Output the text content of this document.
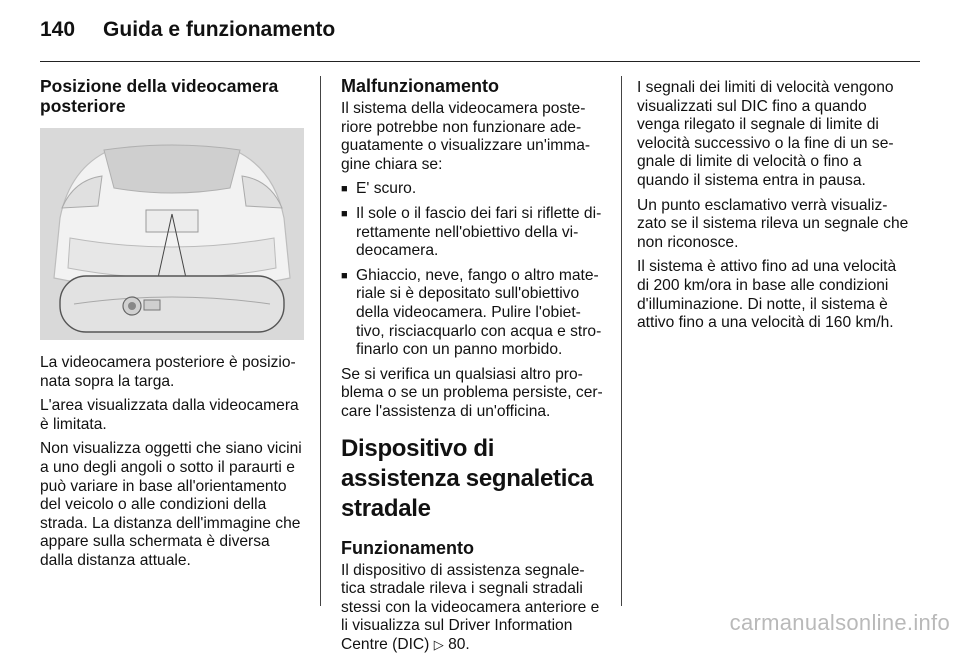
140 Guida e funzionamento
Posizione della videocamera posteriore

La videocamera posteriore è posizio-nata sopra la targa.

L'area visualizzata dalla videocamera è limitata.

Non visualizza oggetti che siano vicini a uno degli angoli o sotto il paraurti e può variare in base all'orientamento del veicolo o alle condizioni della strada. La distanza dell'immagine che appare sulla schermata è diversa dalla distanza attuale.

Malfunzionamento

Il sistema della videocamera poste-riore potrebbe non funzionare ade-guatamente o visualizzare un'imma-gine chiara se:

■ E' scuro.
■ Il sole o il fascio dei fari si riflette di-rettamente nell'obiettivo della vi-deocamera.
■ Ghiaccio, neve, fango o altro mate-riale si è depositato sull'obiettivo della videocamera. Pulire l'obiet-tivo, risciacquarlo con acqua e stro-finarlo con un panno morbido.

Se si verifica un qualsiasi altro pro-blema o se un problema persiste, cer-care l'assistenza di un'officina.

Dispositivo di assistenza segnaletica stradale
Funzionamento

Il dispositivo di assistenza segnale-tica stradale rileva i segnali stradali stessi con la videocamera anteriore e li visualizza sul Driver Information Centre (DIC) ▷ 80.

I segnali dei limiti di velocità vengono visualizzati sul DIC fino a quando venga rilegato il segnale di limite di velocità successivo o la fine di un se-gnale di limite di velocità o fino a quando il sistema entra in pausa.

Un punto esclamativo verrà visualiz-zato se il sistema rileva un segnale che non riconosce.

Il sistema è attivo fino ad una velocità di 200 km/ora in base alle condizioni d'illuminazione. Di notte, il sistema è attivo fino a una velocità di 160 km/h.

carmanualsonline.info
